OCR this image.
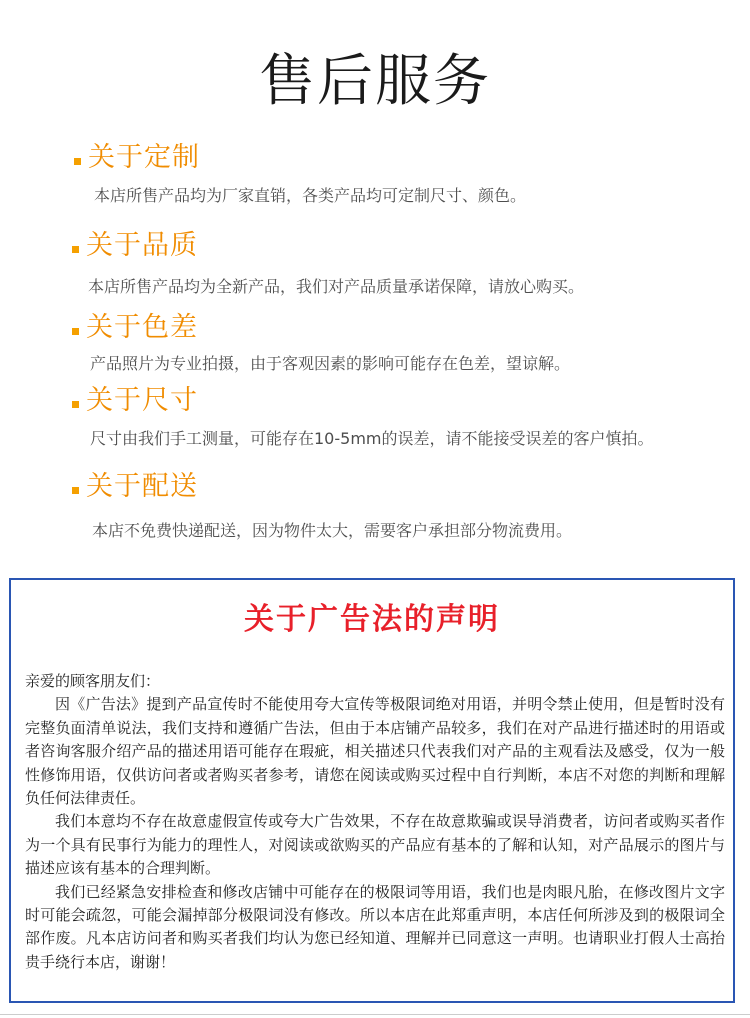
售后服务
关于定制
本店所售产品均为厂家直销，各类产品均可定制尺寸、颜色。
关于品质
本店所售产品均为全新产品，我们对产品质量承诺保障，请放心购买。
关于色差
产品照片为专业拍摄，由于客观因素的影响可能存在色差，望谅解。
关于尺寸
尺寸由我们手工测量，可能存在10-5mm的误差，请不能接受误差的客户慎拍。
关于配送
本店不免费快递配送，因为物件太大，需要客户承担部分物流费用。
关于广告法的声明

亲爱的顾客朋友们：

因《广告法》提到产品宣传时不能使用夸大宣传等极限词绝对用语，并明令禁止使用，但是暂时没有完整负面清单说法，我们支持和遵循广告法，但由于本店铺产品较多，我们在对产品进行描述时的用语或者咨询客服介绍产品的描述用语可能存在瑕疵，相关描述只代表我们对产品的主观看法及感受，仅为一般性修饰用语，仅供访问者或者购买者参考，请您在阅读或购买过程中自行判断，本店不对您的判断和理解负任何法律责任。

我们本意均不存在故意虚假宣传或夸大广告效果，不存在故意欺骗或误导消费者，访问者或购买者作为一个具有民事行为能力的理性人，对阅读或欲购买的产品应有基本的了解和认知，对产品展示的图片与描述应该有基本的合理判断。

我们已经紧急安排检查和修改店铺中可能存在的极限词等用语，我们也是肉眼凡胎，在修改图片文字时可能会疏忽，可能会漏掉部分极限词没有修改。所以本店在此郑重声明，本店任何所涉及到的极限词全部作废。凡本店访问者和购买者我们均认为您已经知道、理解并已同意这一声明。也请职业打假人士高抬贵手绕行本店，谢谢！
